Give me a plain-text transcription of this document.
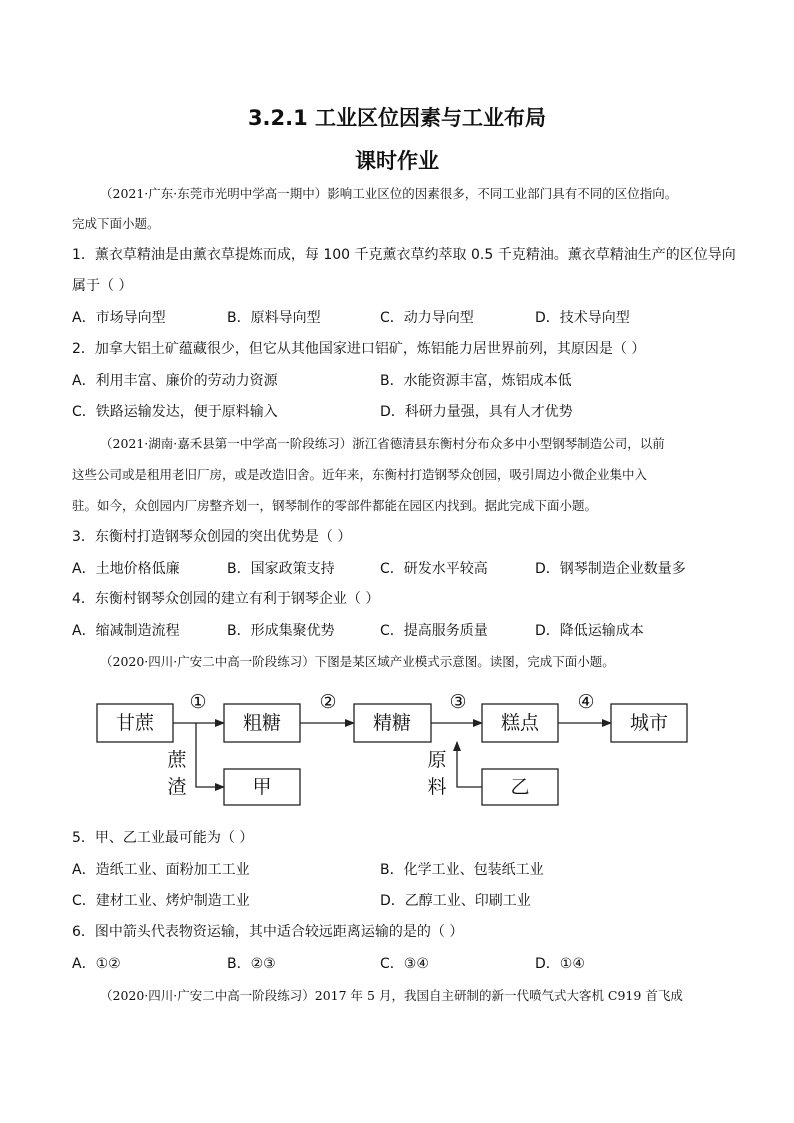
3.2.1 工业区位因素与工业布局
课时作业
（2021·广东·东莞市光明中学高一期中）影响工业区位的因素很多，不同工业部门具有不同的区位指向。
完成下面小题。
1．薰衣草精油是由薰衣草提炼而成，每 100 千克薰衣草约萃取 0.5 千克精油。薰衣草精油生产的区位导向
属于（ ）
A．市场导向型	B．原料导向型	C．动力导向型	D．技术导向型
2．加拿大铝土矿蕴藏很少，但它从其他国家进口铝矿，炼铝能力居世界前列，其原因是（ ）
A．利用丰富、廉价的劳动力资源	B．水能资源丰富，炼铝成本低
C．铁路运输发达，便于原料输入	D．科研力量强，具有人才优势
（2021·湖南·嘉禾县第一中学高一阶段练习）浙江省德清县东衡村分布众多中小型钢琴制造公司，以前
这些公司或是租用老旧厂房，或是改造旧舍。近年来，东衡村打造钢琴众创园，吸引周边小微企业集中入
驻。如今，众创园内厂房整齐划一，钢琴制作的零部件都能在园区内找到。据此完成下面小题。
3．东衡村打造钢琴众创园的突出优势是（ ）
A．土地价格低廉	B．国家政策支持	C．研发水平较高	D．钢琴制造企业数量多
4．东衡村钢琴众创园的建立有利于钢琴企业（ ）
A．缩减制造流程	B．形成集聚优势	C．提高服务质量	D．降低运输成本
（2020·四川·广安二中高一阶段练习）下图是某区域产业模式示意图。读图，完成下面小题。
甘蔗	粗糖	精糖	糕点	城市
甲	乙
①	②	③	④
蔗
渣
原
料
5．甲、乙工业最可能为（ ）
A．造纸工业、面粉加工工业	B．化学工业、包装纸工业
C．建材工业、烤炉制造工业	D．乙醇工业、印刷工业
6．图中箭头代表物资运输，其中适合较远距离运输的是的（ ）
A．①②	B．②③	C．③④	D．①④
（2020·四川·广安二中高一阶段练习）2017 年 5 月，我国自主研制的新一代喷气式大客机 C919 首飞成
